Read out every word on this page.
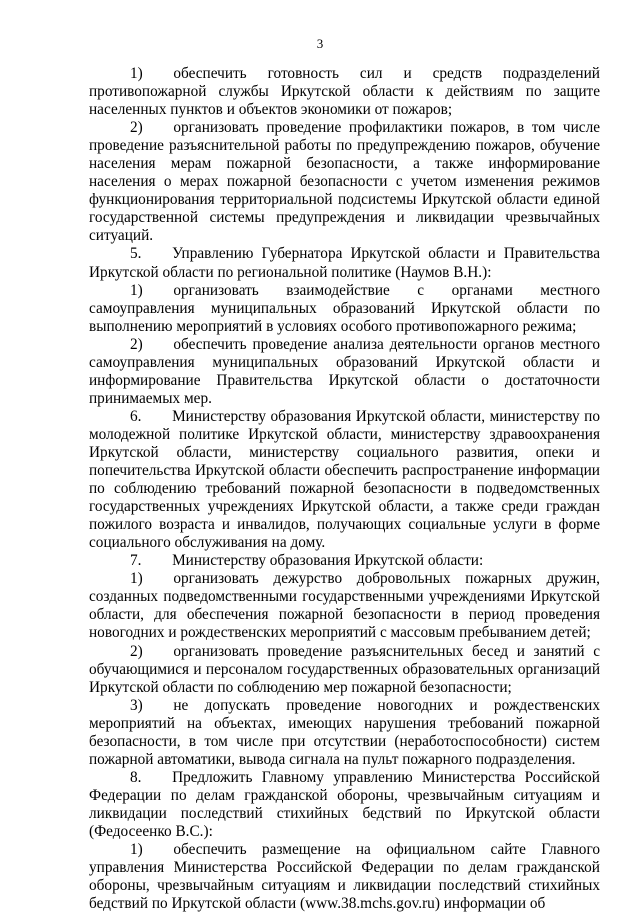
3

1)  обеспечить готовность сил и средств подразделений противопожарной службы Иркутской области к действиям по защите населенных пунктов и объектов экономики от пожаров;

2)  организовать проведение профилактики пожаров, в том числе проведение разъяснительной работы по предупреждению пожаров, обучение населения мерам пожарной безопасности, а также информирование населения о мерах пожарной безопасности с учетом изменения режимов функционирования территориальной подсистемы Иркутской области единой государственной системы предупреждения и ликвидации чрезвычайных ситуаций.

5.  Управлению Губернатора Иркутской области и Правительства Иркутской области по региональной политике (Наумов В.Н.):

1)  организовать взаимодействие с органами местного самоуправления муниципальных образований Иркутской области по выполнению мероприятий в условиях особого противопожарного режима;

2)  обеспечить проведение анализа деятельности органов местного самоуправления муниципальных образований Иркутской области и информирование Правительства Иркутской области о достаточности принимаемых мер.

6.  Министерству образования Иркутской области, министерству по молодежной политике Иркутской области, министерству здравоохранения Иркутской области, министерству социального развития, опеки и попечительства Иркутской области обеспечить распространение информации по соблюдению требований пожарной безопасности в подведомственных государственных учреждениях Иркутской области, а также среди граждан пожилого возраста и инвалидов, получающих социальные услуги в форме социального обслуживания на дому.

7.  Министерству образования Иркутской области:

1)  организовать дежурство добровольных пожарных дружин, созданных подведомственными государственными учреждениями Иркутской области, для обеспечения пожарной безопасности в период проведения новогодних и рождественских мероприятий с массовым пребыванием детей;

2)  организовать проведение разъяснительных бесед и занятий с обучающимися и персоналом государственных образовательных организаций Иркутской области по соблюдению мер пожарной безопасности;

3)  не допускать проведение новогодних и рождественских мероприятий на объектах, имеющих нарушения требований пожарной безопасности, в том числе при отсутствии (неработоспособности) систем пожарной автоматики, вывода сигнала на пульт пожарного подразделения.

8.  Предложить Главному управлению Министерства Российской Федерации по делам гражданской обороны, чрезвычайным ситуациям и ликвидации последствий стихийных бедствий по Иркутской области (Федосеенко В.С.):

1)  обеспечить размещение на официальном сайте Главного управления Министерства Российской Федерации по делам гражданской обороны, чрезвычайным ситуациям и ликвидации последствий стихийных бедствий по Иркутской области (www.38.mchs.gov.ru) информации об
